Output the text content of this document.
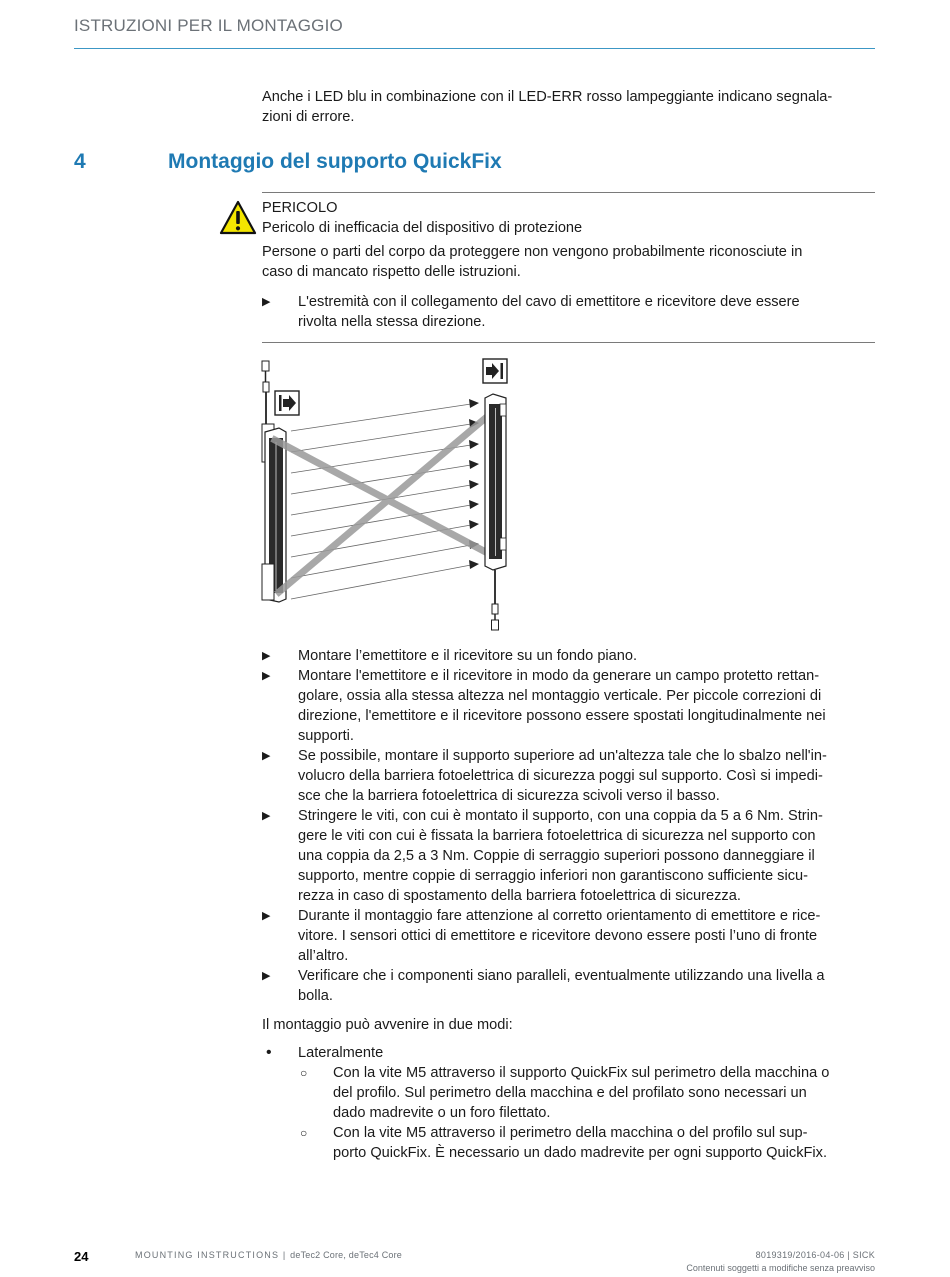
ISTRUZIONI PER IL MONTAGGIO
Anche i LED blu in combinazione con il LED-ERR rosso lampeggiante indicano segnala-
zioni di errore.
4	Montaggio del supporto QuickFix
PERICOLO
Pericolo di inefficacia del dispositivo di protezione
Persone o parti del corpo da proteggere non vengono probabilmente riconosciute in
caso di mancato rispetto delle istruzioni.
▶ L'estremità con il collegamento del cavo di emettitore e ricevitore deve essere
rivolta nella stessa direzione.
▶ Montare l’emettitore e il ricevitore su un fondo piano.
▶ Montare l'emettitore e il ricevitore in modo da generare un campo protetto rettan-
golare, ossia alla stessa altezza nel montaggio verticale. Per piccole correzioni di
direzione, l'emettitore e il ricevitore possono essere spostati longitudinalmente nei
supporti.
▶ Se possibile, montare il supporto superiore ad un'altezza tale che lo sbalzo nell'in-
volucro della barriera fotoelettrica di sicurezza poggi sul supporto. Così si impedi-
sce che la barriera fotoelettrica di sicurezza scivoli verso il basso.
▶ Stringere le viti, con cui è montato il supporto, con una coppia da 5 a 6 Nm. Strin-
gere le viti con cui è fissata la barriera fotoelettrica di sicurezza nel supporto con
una coppia da 2,5 a 3 Nm. Coppie di serraggio superiori possono danneggiare il
supporto, mentre coppie di serraggio inferiori non garantiscono sufficiente sicu-
rezza in caso di spostamento della barriera fotoelettrica di sicurezza.
▶ Durante il montaggio fare attenzione al corretto orientamento di emettitore e rice-
vitore. I sensori ottici di emettitore e ricevitore devono essere posti l’uno di fronte
all’altro.
▶ Verificare che i componenti siano paralleli, eventualmente utilizzando una livella a
bolla.
Il montaggio può avvenire in due modi:
• Lateralmente
○ Con la vite M5 attraverso il supporto QuickFix sul perimetro della macchina o
del profilo. Sul perimetro della macchina e del profilato sono necessari un
dado madrevite o un foro filettato.
○ Con la vite M5 attraverso il perimetro della macchina o del profilo sul sup-
porto QuickFix. È necessario un dado madrevite per ogni supporto QuickFix.
24	MOUNTING INSTRUCTIONS | deTec2 Core, deTec4 Core	8019319/2016-04-06 | SICK
Contenuti soggetti a modifiche senza preavviso
